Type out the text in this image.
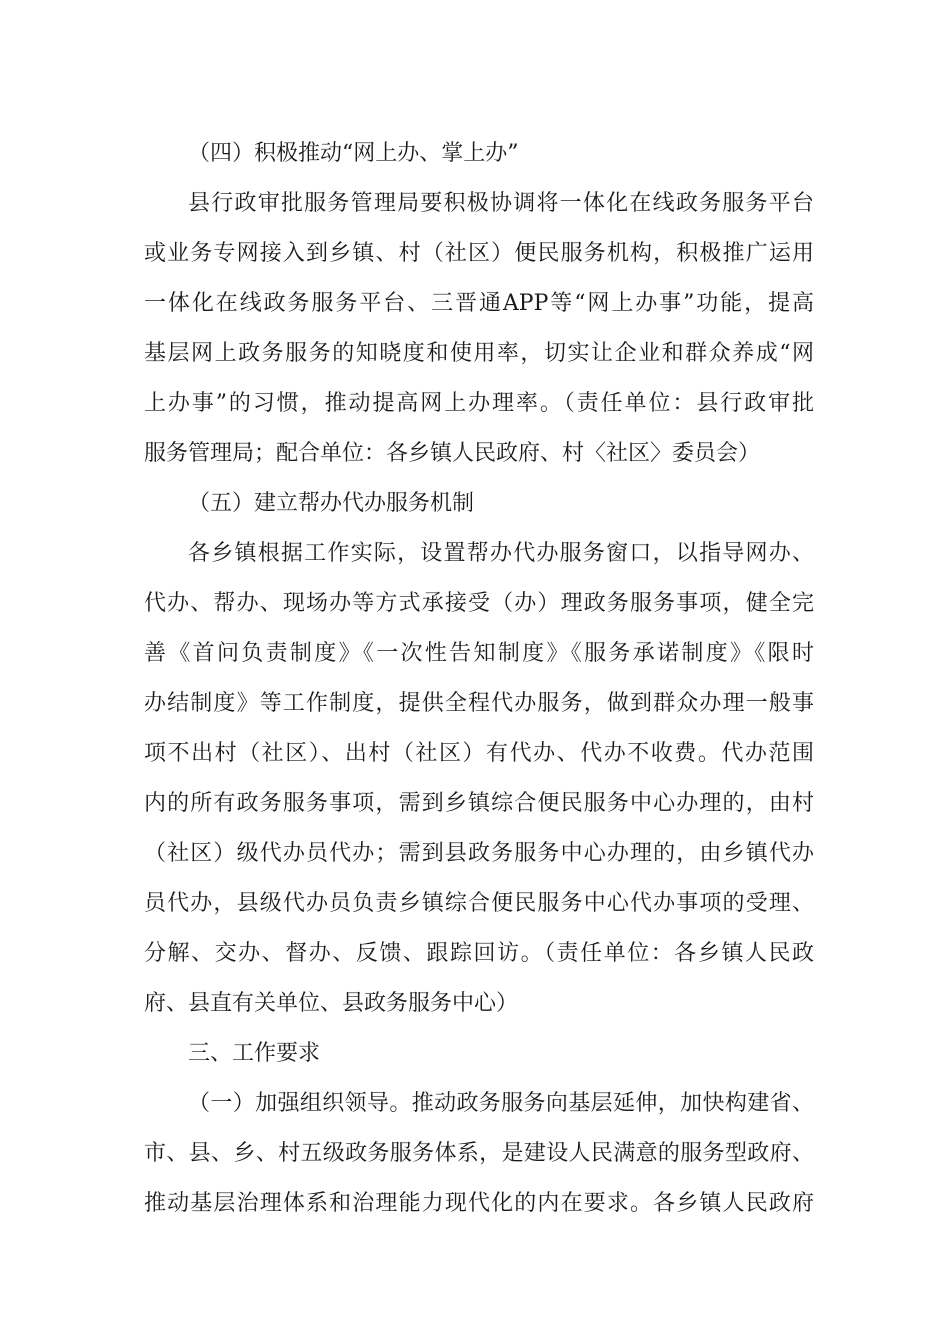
（四）积极推动“网上办、掌上办”
县行政审批服务管理局要积极协调将一体化在线政务服务平台
或业务专网接入到乡镇、村（社区）便民服务机构，积极推广运用
一体化在线政务服务平台、三晋通APP等“网上办事”功能，提高
基层网上政务服务的知晓度和使用率，切实让企业和群众养成“网
上办事”的习惯，推动提高网上办理率。（责任单位：县行政审批
服务管理局；配合单位：各乡镇人民政府、村〈社区〉委员会）
（五）建立帮办代办服务机制
各乡镇根据工作实际，设置帮办代办服务窗口，以指导网办、
代办、帮办、现场办等方式承接受（办）理政务服务事项，健全完
善《首问负责制度》《一次性告知制度》《服务承诺制度》《限时
办结制度》等工作制度，提供全程代办服务，做到群众办理一般事
项不出村（社区）、出村（社区）有代办、代办不收费。代办范围
内的所有政务服务事项，需到乡镇综合便民服务中心办理的，由村
（社区）级代办员代办；需到县政务服务中心办理的，由乡镇代办
员代办，县级代办员负责乡镇综合便民服务中心代办事项的受理、
分解、交办、督办、反馈、跟踪回访。（责任单位：各乡镇人民政
府、县直有关单位、县政务服务中心）
三、工作要求
（一）加强组织领导。推动政务服务向基层延伸，加快构建省、
市、县、乡、村五级政务服务体系，是建设人民满意的服务型政府、
推动基层治理体系和治理能力现代化的内在要求。各乡镇人民政府
